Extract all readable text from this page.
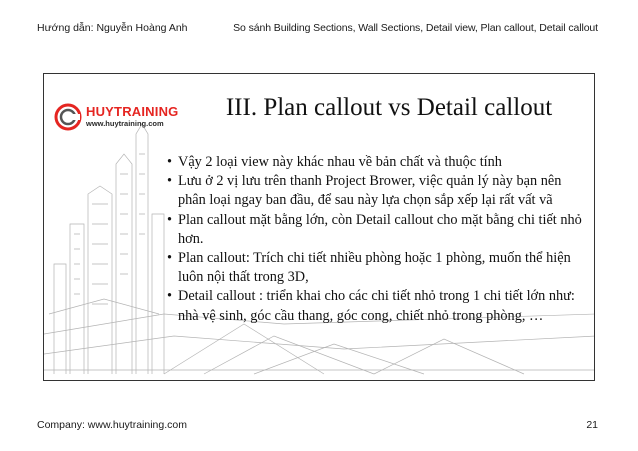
Hướng dẫn: Nguyễn Hoàng Anh	So sánh Building Sections, Wall Sections, Detail view, Plan callout, Detail callout
HUYTRAINING
www.huytraining.com
III. Plan callout vs Detail callout
• Vậy 2 loại view này khác nhau về bản chất và thuộc tính
• Lưu ở 2 vị lưu trên thanh Project Brower, việc quản lý này bạn nên phân loại ngay ban đầu, để sau này lựa chọn sắp xếp lại rất vất vã
• Plan callout mặt bằng lớn, còn Detail callout cho mặt bằng chi tiết nhỏ hơn.
• Plan callout: Trích chi tiết nhiều phòng hoặc 1 phòng, muốn thể hiện luôn nội thất trong 3D,
• Detail callout : triển khai cho các chi tiết nhỏ trong 1 chi tiết lớn như: nhà vệ sinh, góc cầu thang, góc cong, chiết nhỏ trong phòng, …
Company: www.huytraining.com	21
